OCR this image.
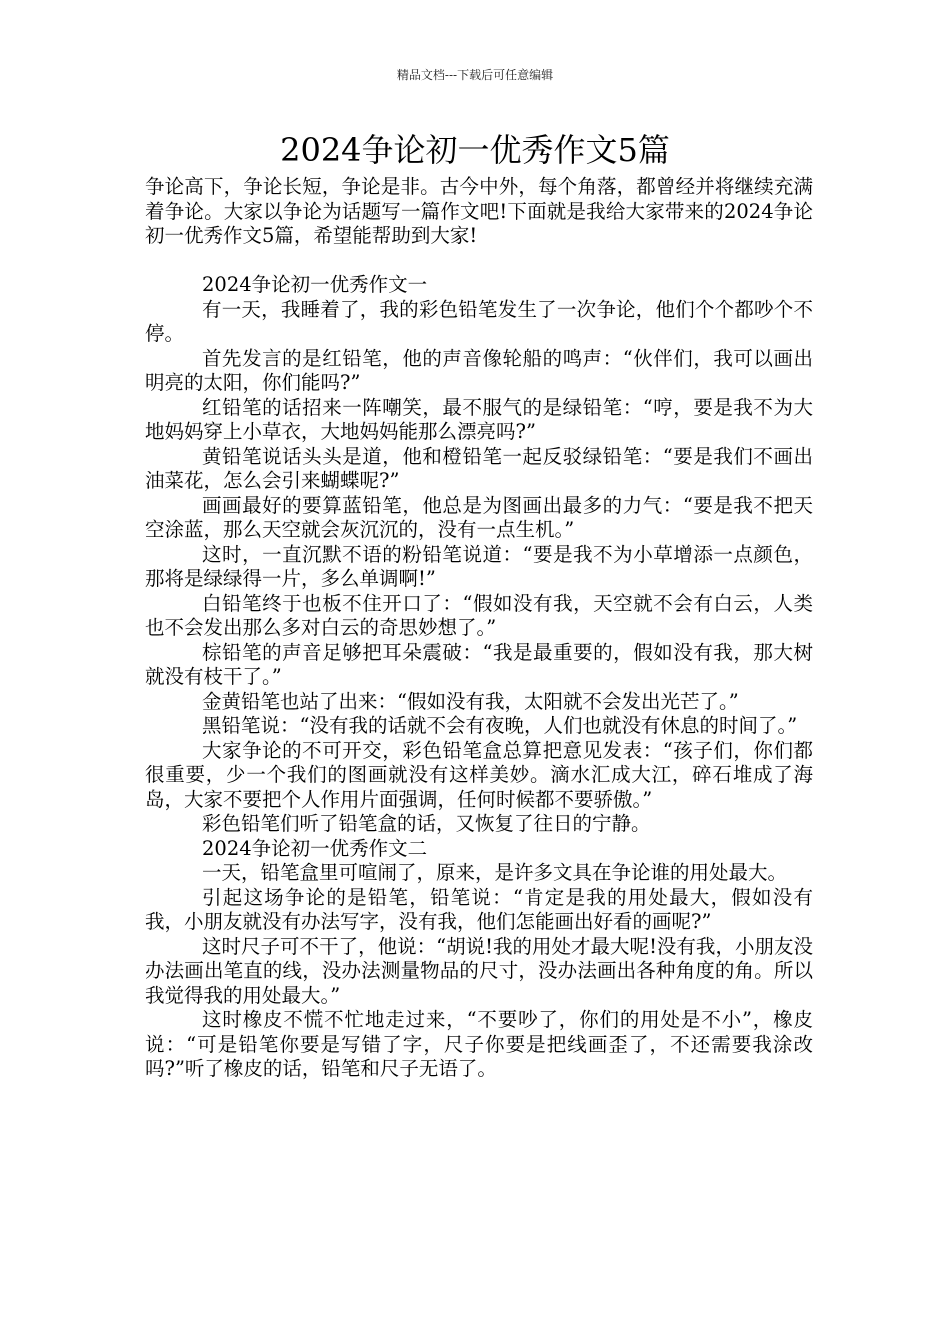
精品文档---下载后可任意编辑
2024争论初一优秀作文5篇

争论高下，争论长短，争论是非。古今中外，每个角落，都曾经并将继续充满着争论。大家以争论为话题写一篇作文吧!下面就是我给大家带来的2024争论初一优秀作文5篇，希望能帮助到大家!

2024争论初一优秀作文一

有一天，我睡着了，我的彩色铅笔发生了一次争论，他们个个都吵个不停。

首先发言的是红铅笔，他的声音像轮船的鸣声：“伙伴们，我可以画出明亮的太阳，你们能吗?”

红铅笔的话招来一阵嘲笑，最不服气的是绿铅笔：“哼，要是我不为大地妈妈穿上小草衣，大地妈妈能那么漂亮吗?”

黄铅笔说话头头是道，他和橙铅笔一起反驳绿铅笔：“要是我们不画出油菜花，怎么会引来蝴蝶呢?”

画画最好的要算蓝铅笔，他总是为图画出最多的力气：“要是我不把天空涂蓝，那么天空就会灰沉沉的，没有一点生机。”

这时，一直沉默不语的粉铅笔说道：“要是我不为小草增添一点颜色，那将是绿绿得一片，多么单调啊!”

白铅笔终于也板不住开口了：“假如没有我，天空就不会有白云，人类也不会发出那么多对白云的奇思妙想了。”

棕铅笔的声音足够把耳朵震破：“我是最重要的，假如没有我，那大树就没有枝干了。”

金黄铅笔也站了出来：“假如没有我，太阳就不会发出光芒了。”

黑铅笔说：“没有我的话就不会有夜晚，人们也就没有休息的时间了。”

大家争论的不可开交，彩色铅笔盒总算把意见发表：“孩子们，你们都很重要，少一个我们的图画就没有这样美妙。滴水汇成大江，碎石堆成了海岛，大家不要把个人作用片面强调，任何时候都不要骄傲。”

彩色铅笔们听了铅笔盒的话，又恢复了往日的宁静。

2024争论初一优秀作文二

一天，铅笔盒里可喧闹了，原来，是许多文具在争论谁的用处最大。

引起这场争论的是铅笔，铅笔说：“肯定是我的用处最大，假如没有我，小朋友就没有办法写字，没有我，他们怎能画出好看的画呢?”

这时尺子可不干了，他说：“胡说!我的用处才最大呢!没有我，小朋友没办法画出笔直的线，没办法测量物品的尺寸，没办法画出各种角度的角。所以我觉得我的用处最大。”

这时橡皮不慌不忙地走过来，“不要吵了，你们的用处是不小”，橡皮说：“可是铅笔你要是写错了字，尺子你要是把线画歪了，不还需要我涂改吗?”听了橡皮的话，铅笔和尺子无语了。
